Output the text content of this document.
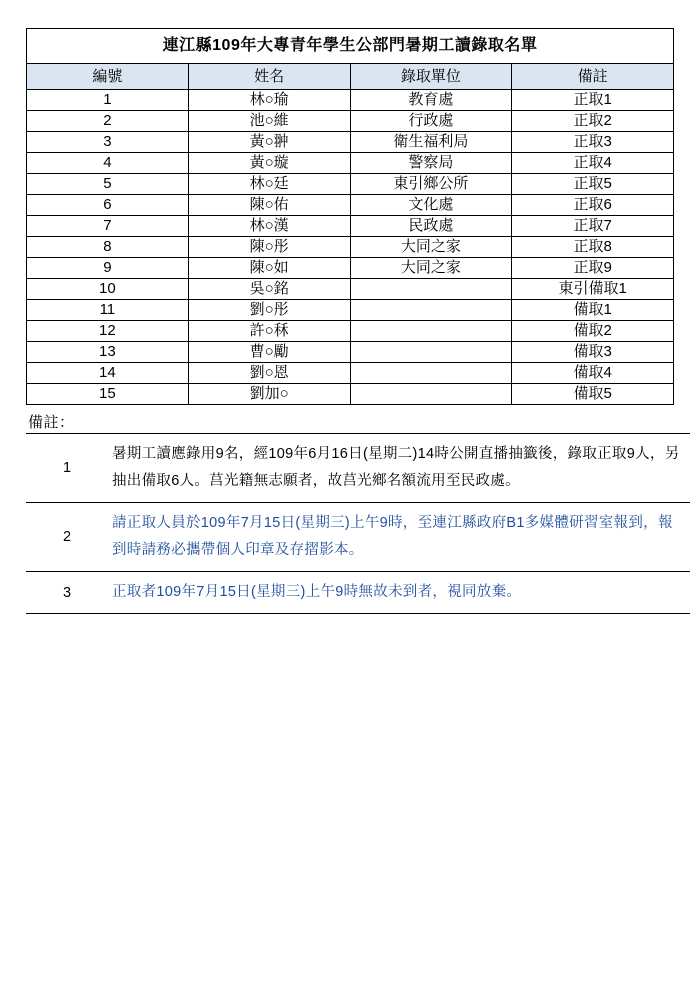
連江縣109年大專青年學生公部門暑期工讀錄取名單			
編號	姓名	錄取單位	備註
1	林○瑜	教育處	正取1
2	池○維	行政處	正取2
3	黃○翀	衛生福利局	正取3
4	黃○璇	警察局	正取4
5	林○廷	東引鄉公所	正取5
6	陳○佑	文化處	正取6
7	林○漢	民政處	正取7
8	陳○彤	大同之家	正取8
9	陳○如	大同之家	正取9
10	吳○銘		東引備取1
11	劉○彤		備取1
12	許○秝		備取2
13	曹○勵		備取3
14	劉○恩		備取4
15	劉加○		備取5
備註：
1	暑期工讀應錄用9名，經109年6月16日(星期二)14時公開直播抽籤後，錄取正取9人，另抽出備取6人。莒光籍無志願者，故莒光鄉名額流用至民政處。
2	請正取人員於109年7月15日(星期三)上午9時，至連江縣政府B1多媒體研習室報到，報到時請務必攜帶個人印章及存摺影本。
3	正取者109年7月15日(星期三)上午9時無故未到者，視同放棄。
